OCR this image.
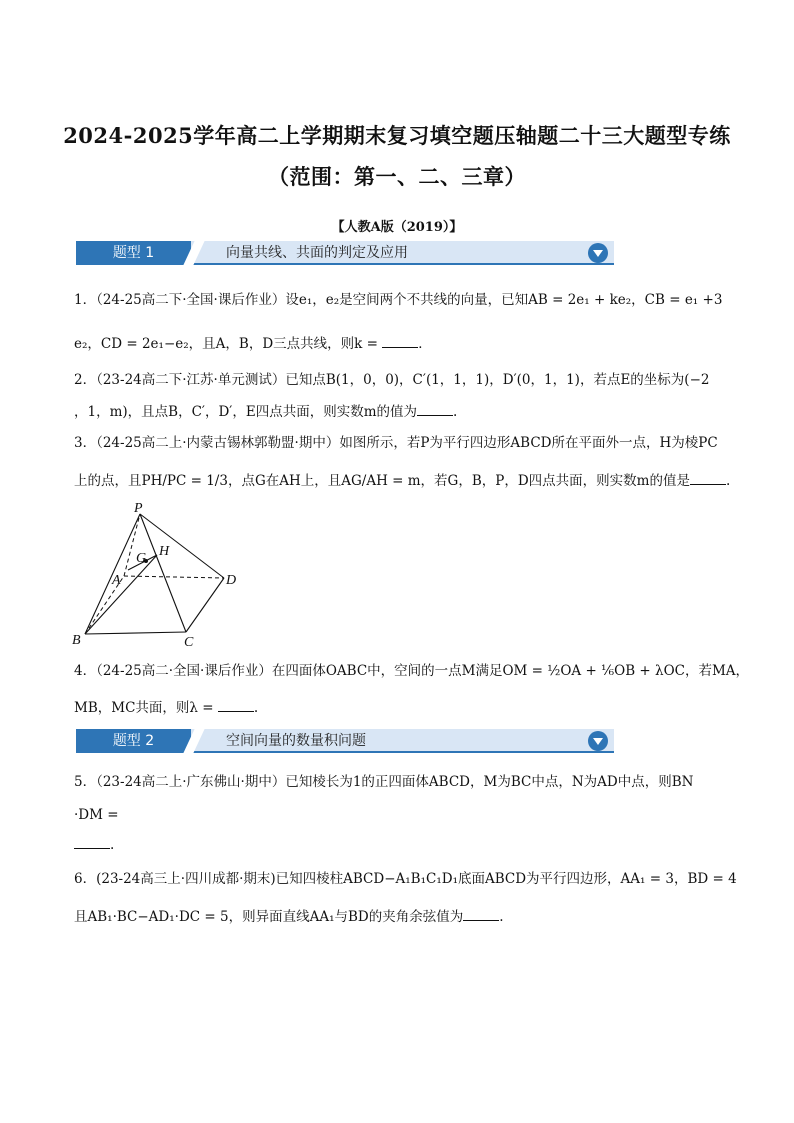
2024-2025学年高二上学期期末复习填空题压轴题二十三大题型专练
（范围：第一、二、三章）
【人教A版（2019）】
题型 1	向量共线、共面的判定及应用
1．（24-25高二下·全国·课后作业）设e₁，e₂是空间两个不共线的向量，已知AB = 2e₁ + ke₂，CB = e₁ +3
e₂，CD = 2e₁−e₂，且A，B，D三点共线，则k =	．
2．（23-24高二下·江苏·单元测试）已知点B(1，0，0)，C′(1，1，1)，D′(0，1，1)，若点E的坐标为(−2
，1，m)，且点B，C′，D′，E四点共面，则实数m的值为	.
3．（24-25高二上·内蒙古锡林郭勒盟·期中）如图所示，若P为平行四边形ABCD所在平面外一点，H为棱PC
上的点，且PH/PC = 1/3，点G在AH上，且AG/AH = m，若G，B，P，D四点共面，则实数m的值是	.
P
G H
A	D
B	C
4．（24-25高二·全国·课后作业）在四面体OABC中，空间的一点M满足OM = ½OA + ⅙OB + λOC，若MA，
MB，MC共面，则λ =	.
题型 2	空间向量的数量积问题
5．（23-24高二上·广东佛山·期中）已知棱长为1的正四面体ABCD，M为BC中点，N为AD中点，则BN
·DM =
.
6．(23-24高三上·四川成都·期末)已知四棱柱ABCD−A₁B₁C₁D₁底面ABCD为平行四边形，AA₁ = 3，BD = 4
且AB₁·BC−AD₁·DC = 5，则异面直线AA₁与BD的夹角余弦值为	.
